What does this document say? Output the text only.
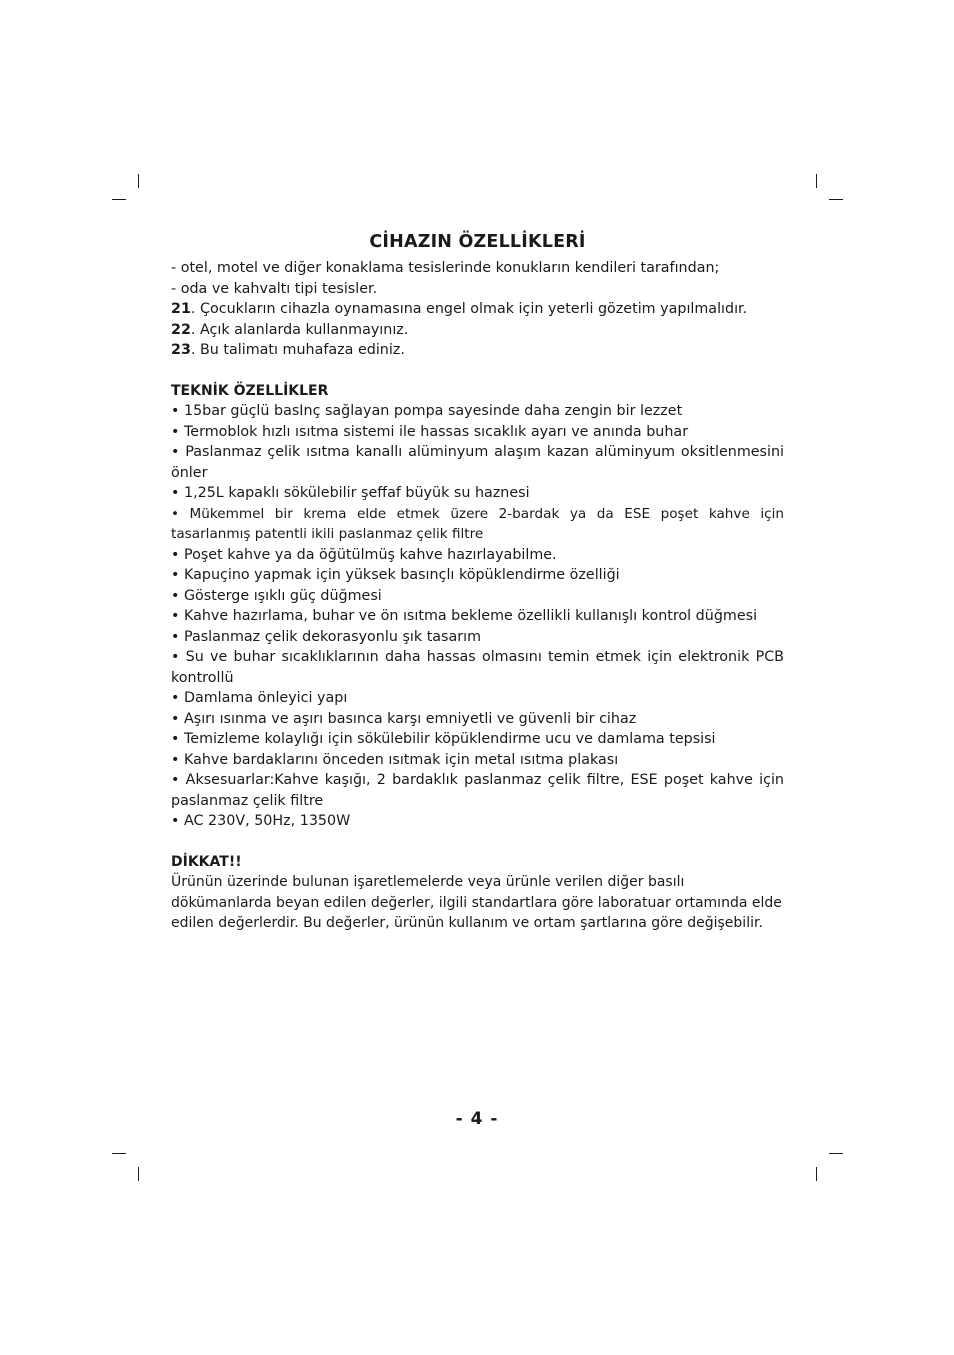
CİHAZIN ÖZELLİKLERİ

- otel, motel ve diğer konaklama tesislerinde konukların kendileri tarafından;

- oda ve kahvaltı tipi tesisler.

21. Çocukların cihazla oynamasına engel olmak için yeterli gözetim yapılmalıdır.

22. Açık alanlarda kullanmayınız.

23. Bu talimatı muhafaza ediniz.

TEKNİK ÖZELLİKLER
• 15bar güçlü basInç sağlayan pompa sayesinde daha zengin bir lezzet
• Termoblok hızlı ısıtma sistemi ile hassas sıcaklık ayarı ve anında buhar
• Paslanmaz çelik ısıtma kanallı alüminyum alaşım kazan alüminyum oksitlenmesini önler
• 1,25L kapaklı sökülebilir şeffaf büyük su haznesi
• Mükemmel bir krema elde etmek üzere 2-bardak ya da ESE poşet kahve için tasarlanmış patentli ikili paslanmaz çelik filtre
• Poşet kahve ya da öğütülmüş kahve hazırlayabilme.
• Kapuçino yapmak için yüksek basınçlı köpüklendirme özelliği
• Gösterge ışıklı güç düğmesi
• Kahve hazırlama, buhar ve ön ısıtma bekleme özellikli kullanışlı kontrol düğmesi
• Paslanmaz çelik dekorasyonlu şık tasarım
• Su ve buhar sıcaklıklarının daha hassas olmasını temin etmek için elektronik PCB kontrollü
• Damlama önleyici yapı
• Aşırı ısınma ve aşırı basınca karşı emniyetli ve güvenli bir cihaz
• Temizleme kolaylığı için sökülebilir köpüklendirme ucu ve damlama tepsisi
• Kahve bardaklarını önceden ısıtmak için metal ısıtma plakası
• Aksesuarlar:Kahve kaşığı, 2 bardaklık paslanmaz çelik filtre, ESE poşet kahve için paslanmaz çelik filtre
• AC 230V, 50Hz, 1350W
DİKKAT!!

Ürünün üzerinde bulunan işaretlemelerde veya ürünle verilen diğer basılı dökümanlarda beyan edilen değerler, ilgili standartlara göre laboratuar ortamında elde edilen değerlerdir. Bu değerler, ürünün kullanım ve ortam şartlarına göre değişebilir.

- 4 -
